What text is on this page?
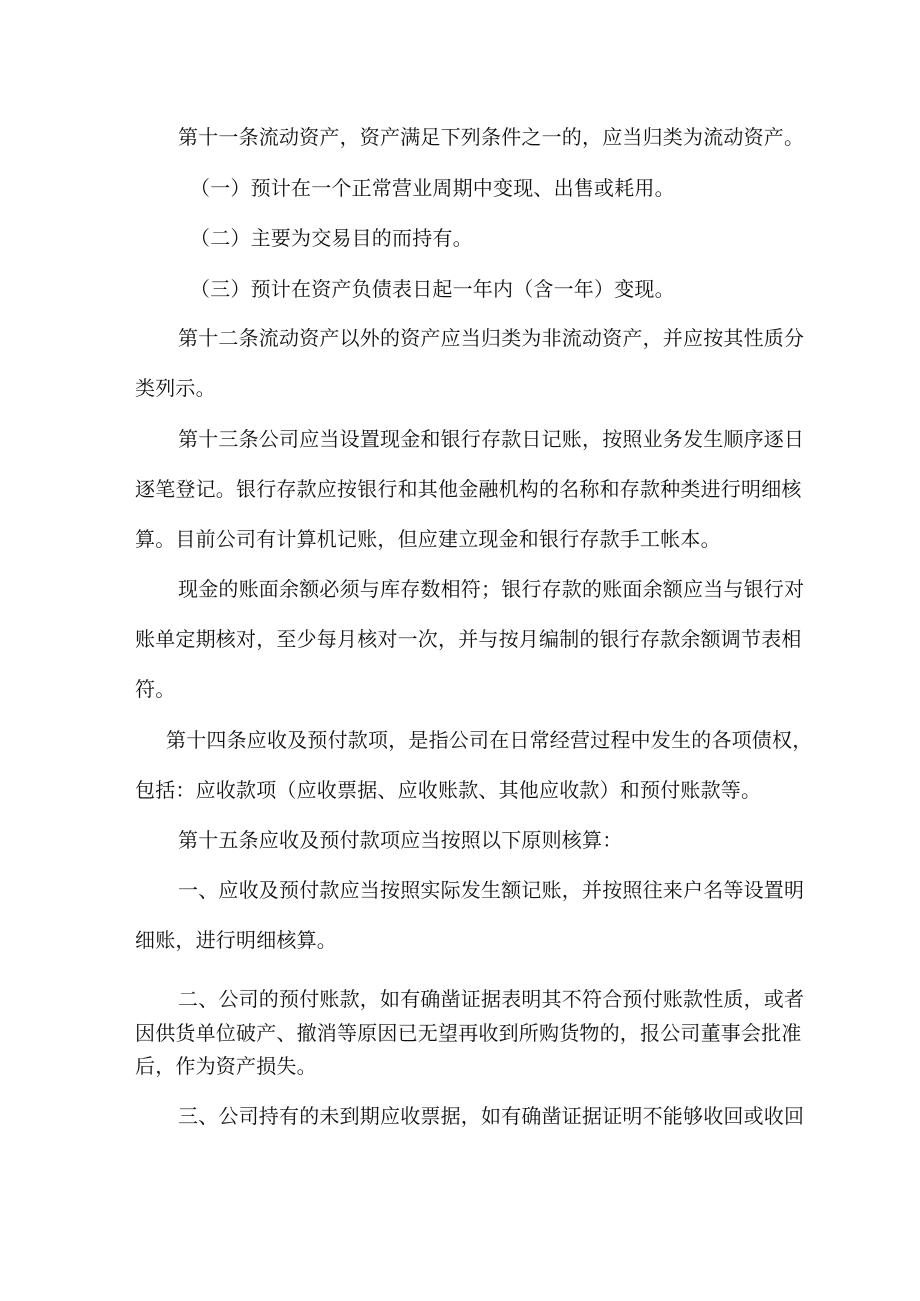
第十一条流动资产，资产满足下列条件之一的，应当归类为流动资产。
（一）预计在一个正常营业周期中变现、出售或耗用。
（二）主要为交易目的而持有。
（三）预计在资产负债表日起一年内（含一年）变现。
第十二条流动资产以外的资产应当归类为非流动资产，并应按其性质分
类列示。
第十三条公司应当设置现金和银行存款日记账，按照业务发生顺序逐日
逐笔登记。银行存款应按银行和其他金融机构的名称和存款种类进行明细核
算。目前公司有计算机记账，但应建立现金和银行存款手工帐本。
现金的账面余额必须与库存数相符；银行存款的账面余额应当与银行对
账单定期核对，至少每月核对一次，并与按月编制的银行存款余额调节表相
符。
第十四条应收及预付款项，是指公司在日常经营过程中发生的各项债权，
包括：应收款项（应收票据、应收账款、其他应收款）和预付账款等。
第十五条应收及预付款项应当按照以下原则核算：
一、应收及预付款应当按照实际发生额记账，并按照往来户名等设置明
细账，进行明细核算。
二、公司的预付账款，如有确凿证据表明其不符合预付账款性质，或者
因供货单位破产、撤消等原因已无望再收到所购货物的，报公司董事会批准
后，作为资产损失。
三、公司持有的未到期应收票据，如有确凿证据证明不能够收回或收回
